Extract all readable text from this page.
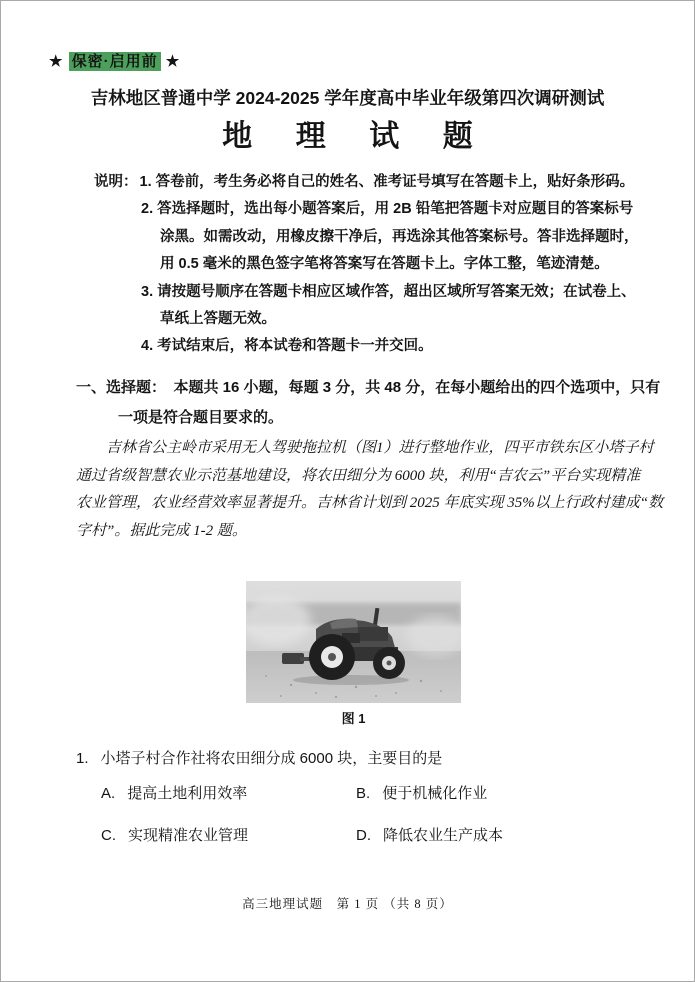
★ 保密·启用前 ★
吉林地区普通中学 2024-2025 学年度高中毕业年级第四次调研测试
地 理 试 题
说明： 1. 答卷前，考生务必将自己的姓名、准考证号填写在答题卡上，贴好条形码。
2. 答选择题时，选出每小题答案后，用 2B 铅笔把答题卡对应题目的答案标号
涂黑。如需改动，用橡皮擦干净后，再选涂其他答案标号。答非选择题时，
用 0.5 毫米的黑色签字笔将答案写在答题卡上。字体工整，笔迹清楚。
3. 请按题号顺序在答题卡相应区域作答，超出区域所写答案无效；在试卷上、
草纸上答题无效。
4. 考试结束后，将本试卷和答题卡一并交回。
一、选择题：　本题共 16 小题，每题 3 分，共 48 分，在每小题给出的四个选项中，只有
一项是符合题目要求的。
吉林省公主岭市采用无人驾驶拖拉机（图1）进行整地作业，四平市铁东区小塔子村
通过省级智慧农业示范基地建设，将农田细分为 6000 块，利用“吉农云”平台实现精准
农业管理，农业经营效率显著提升。吉林省计划到 2025 年底实现 35%以上行政村建成“数
字村”。据此完成 1-2 题。
图 1
1. 小塔子村合作社将农田细分成 6000 块，主要目的是
A. 提高土地利用效率	B. 便于机械化作业
C. 实现精准农业管理	D. 降低农业生产成本
高三地理试题　第 1 页 （共 8 页）
